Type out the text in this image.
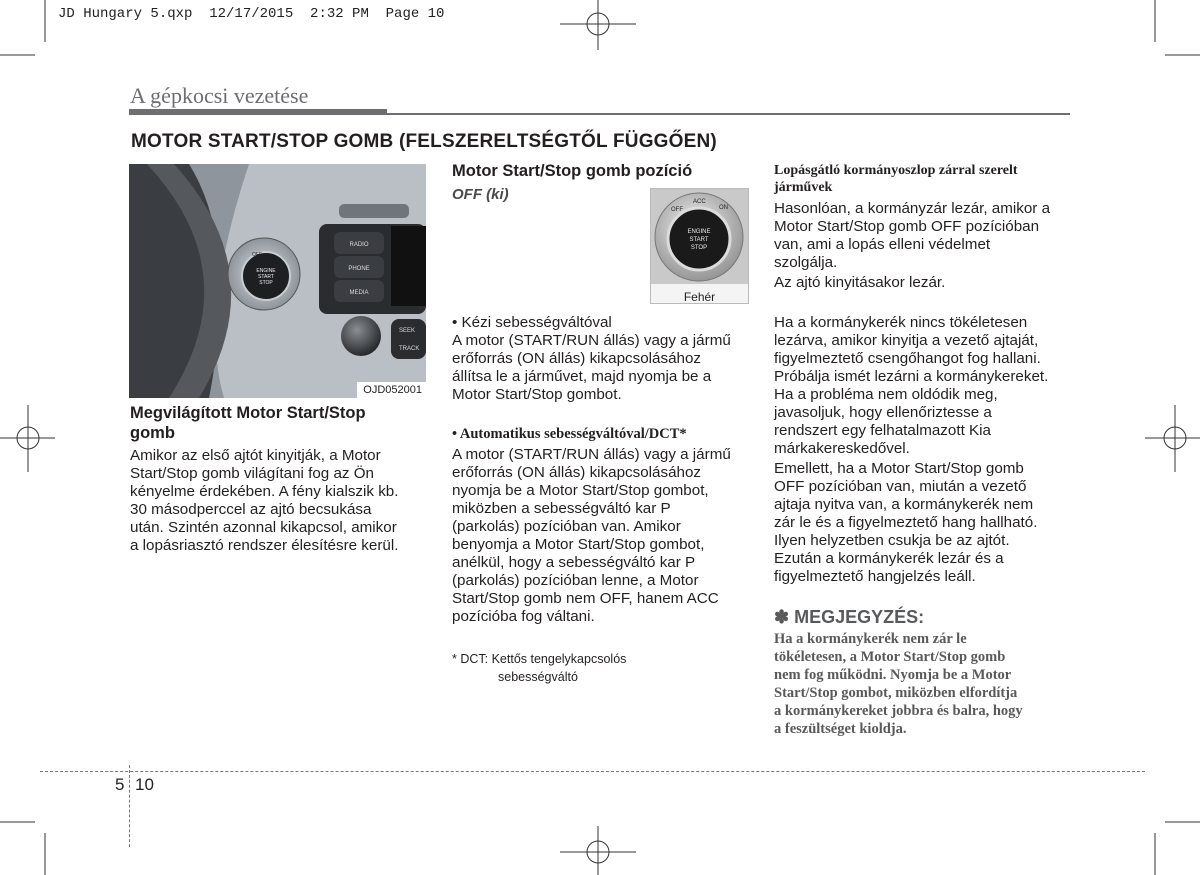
JD Hungary 5.qxp  12/17/2015  2:32 PM  Page 10
A gépkocsi vezetése
MOTOR START/STOP GOMB (FELSZERELTSÉGTŐL FÜGGŐEN)
RADIO
PHONE
MEDIA
OFF
ENGINE
START
STOP
SEEK
TRACK
OJD052001
Megvilágított Motor Start/Stop
gomb
Amikor az első ajtót kinyitják, a Motor
Start/Stop gomb világítani fog az Ön
kényelme érdekében. A fény kialszik kb.
30 másodperccel az ajtó becsukása
után. Szintén azonnal kikapcsol, amikor
a lopásriasztó rendszer élesítésre kerül.
Motor Start/Stop gomb pozíció
OFF (ki)
OFF
ACC
ON
ENGINE
START
STOP
Fehér
• Kézi sebességváltóval
A motor (START/RUN állás) vagy a jármű
erőforrás (ON állás) kikapcsolásához
állítsa le a járművet, majd nyomja be a
Motor Start/Stop gombot.
• Automatikus sebességváltóval/DCT*
A motor (START/RUN állás) vagy a jármű
erőforrás (ON állás) kikapcsolásához
nyomja be a Motor Start/Stop gombot,
miközben a sebességváltó kar P
(parkolás) pozícióban van. Amikor
benyomja a Motor Start/Stop gombot,
anélkül, hogy a sebességváltó kar P
(parkolás) pozícióban lenne, a Motor
Start/Stop gomb nem OFF, hanem ACC
pozícióba fog váltani.
* DCT: Kettős tengelykapcsolós
sebességváltó
Lopásgátló kormányoszlop zárral szerelt
járművek
Hasonlóan, a kormányzár lezár, amikor a
Motor Start/Stop gomb OFF pozícióban
van, ami a lopás elleni védelmet
szolgálja.
Az ajtó kinyitásakor lezár.
Ha a kormánykerék nincs tökéletesen
lezárva, amikor kinyitja a vezető ajtaját,
figyelmeztető csengőhangot fog hallani.
Próbálja ismét lezárni a kormánykereket.
Ha a probléma nem oldódik meg,
javasoljuk, hogy ellenőriztesse a
rendszert egy felhatalmazott Kia
márkakereskedővel.
Emellett, ha a Motor Start/Stop gomb
OFF pozícióban van, miután a vezető
ajtaja nyitva van, a kormánykerék nem
zár le és a figyelmeztető hang hallható.
Ilyen helyzetben csukja be az ajtót.
Ezután a kormánykerék lezár és a
figyelmeztető hangjelzés leáll.
✽ MEGJEGYZÉS:
Ha a kormánykerék nem zár le
tökéletesen, a Motor Start/Stop gomb
nem fog működni. Nyomja be a Motor
Start/Stop gombot, miközben elfordítja
a kormánykereket jobbra és balra, hogy
a feszültséget kioldja.
5 10
